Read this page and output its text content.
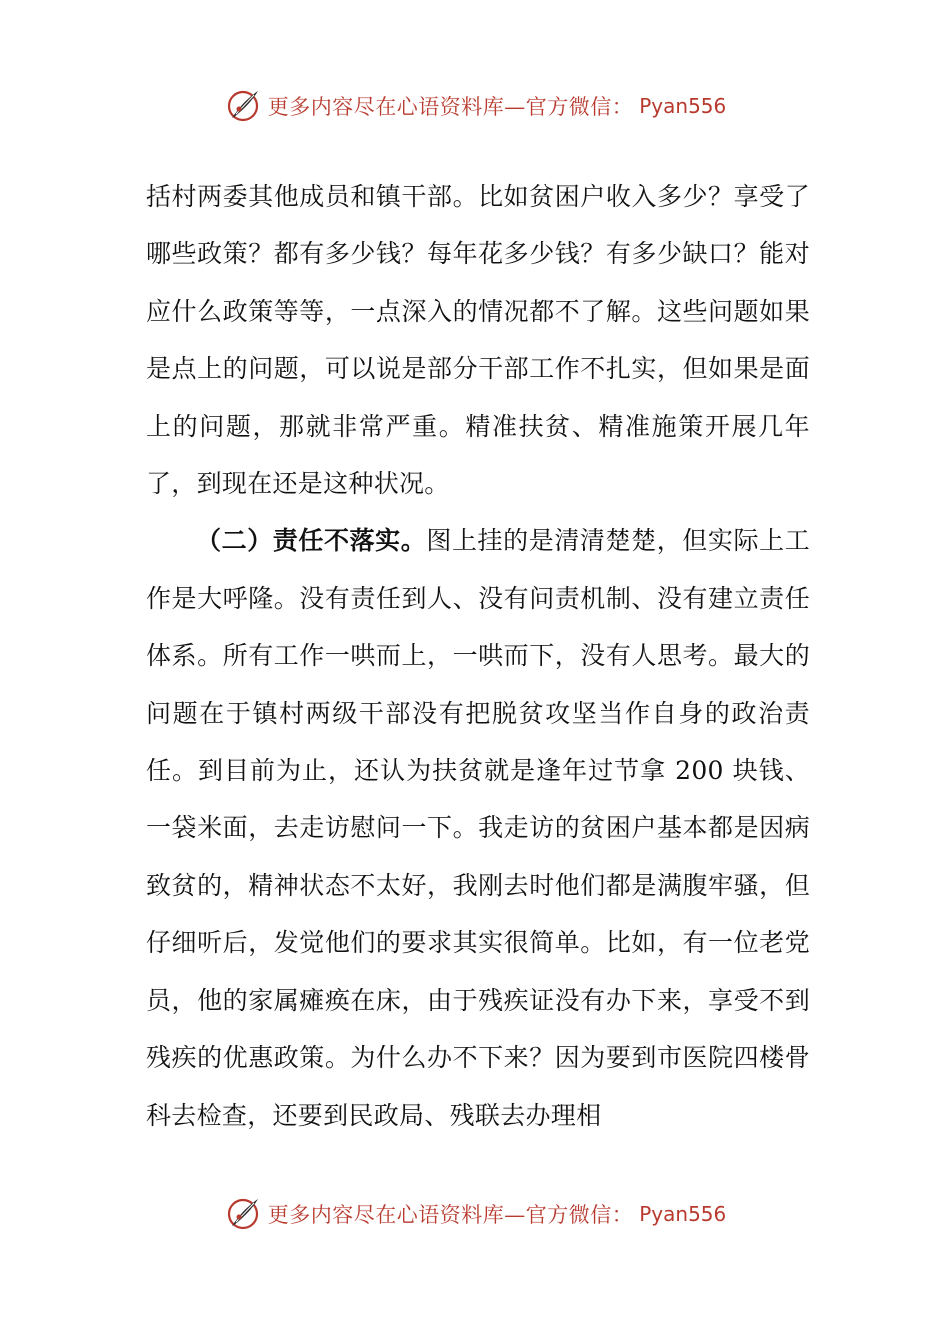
更多内容尽在心语资料库—官方微信： Pyan556

括村两委其他成员和镇干部。比如贫困户收入多少？享受了哪些政策？都有多少钱？每年花多少钱？有多少缺口？能对应什么政策等等，一点深入的情况都不了解。这些问题如果是点上的问题，可以说是部分干部工作不扎实，但如果是面上的问题，那就非常严重。精准扶贫、精准施策开展几年了，到现在还是这种状况。

（二）责任不落实。图上挂的是清清楚楚，但实际上工作是大呼隆。没有责任到人、没有问责机制、没有建立责任体系。所有工作一哄而上，一哄而下，没有人思考。最大的问题在于镇村两级干部没有把脱贫攻坚当作自身的政治责任。到目前为止，还认为扶贫就是逢年过节拿 200 块钱、一袋米面，去走访慰问一下。我走访的贫困户基本都是因病致贫的，精神状态不太好，我刚去时他们都是满腹牢骚，但仔细听后，发觉他们的要求其实很简单。比如，有一位老党员，他的家属瘫痪在床，由于残疾证没有办下来，享受不到残疾的优惠政策。为什么办不下来？因为要到市医院四楼骨科去检查，还要到民政局、残联去办理相

更多内容尽在心语资料库—官方微信： Pyan556
